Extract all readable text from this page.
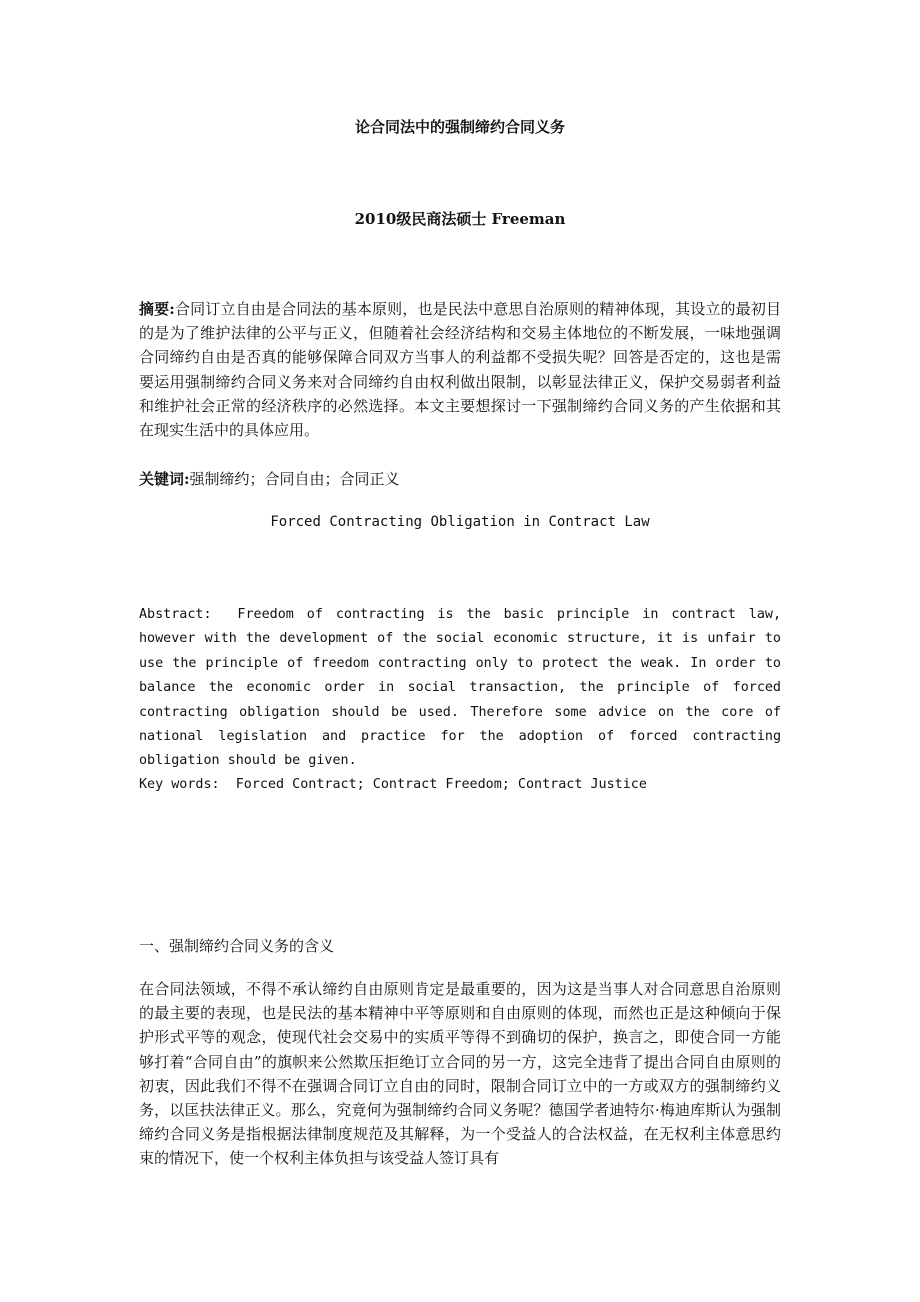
论合同法中的强制缔约合同义务
2010级民商法硕士 Freeman
摘要:合同订立自由是合同法的基本原则，也是民法中意思自治原则的精神体现，其设立的最初目的是为了维护法律的公平与正义，但随着社会经济结构和交易主体地位的不断发展，一味地强调合同缔约自由是否真的能够保障合同双方当事人的利益都不受损失呢？回答是否定的，这也是需要运用强制缔约合同义务来对合同缔约自由权利做出限制，以彰显法律正义，保护交易弱者利益和维护社会正常的经济秩序的必然选择。本文主要想探讨一下强制缔约合同义务的产生依据和其在现实生活中的具体应用。
关键词:强制缔约；合同自由；合同正义
Forced Contracting Obligation in Contract Law
Abstract: Freedom of contracting is the basic principle in contract law, however with the development of the social economic structure, it is unfair to use the principle of freedom contracting only to protect the weak. In order to balance the economic order in social transaction, the principle of forced contracting obligation should be used. Therefore some advice on the core of national legislation and practice for the adoption of forced contracting obligation should be given.
Key words: Forced Contract; Contract Freedom; Contract Justice
一、强制缔约合同义务的含义
在合同法领域，不得不承认缔约自由原则肯定是最重要的，因为这是当事人对合同意思自治原则的最主要的表现，也是民法的基本精神中平等原则和自由原则的体现，而然也正是这种倾向于保护形式平等的观念，使现代社会交易中的实质平等得不到确切的保护，换言之，即使合同一方能够打着“合同自由”的旗帜来公然欺压拒绝订立合同的另一方，这完全违背了提出合同自由原则的初衷，因此我们不得不在强调合同订立自由的同时，限制合同订立中的一方或双方的强制缔约义务，以匡扶法律正义。那么，究竟何为强制缔约合同义务呢？德国学者迪特尔·梅迪库斯认为强制缔约合同义务是指根据法律制度规范及其解释，为一个受益人的合法权益，在无权利主体意思约束的情况下，使一个权利主体负担与该受益人签订具有
